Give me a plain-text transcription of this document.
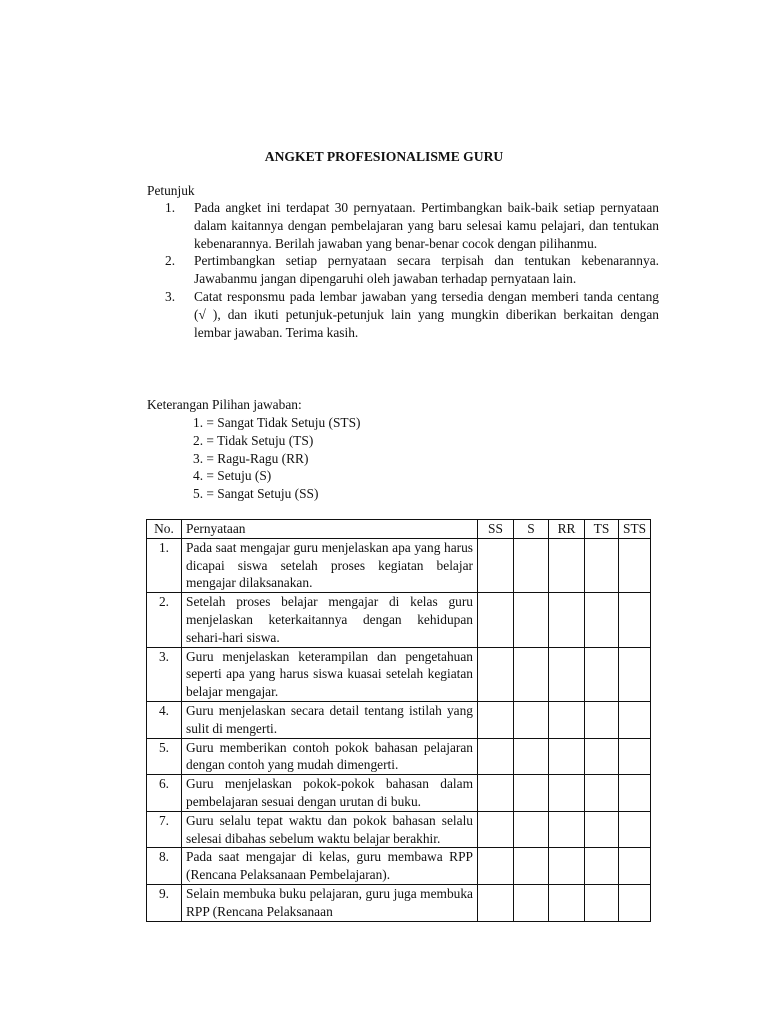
ANGKET PROFESIONALISME GURU
Petunjuk
1. Pada angket ini terdapat 30 pernyataan. Pertimbangkan baik-baik setiap pernyataan dalam kaitannya dengan pembelajaran yang baru selesai kamu pelajari, dan tentukan kebenarannya. Berilah jawaban yang benar-benar cocok dengan pilihanmu.
2. Pertimbangkan setiap pernyataan secara terpisah dan tentukan kebenarannya. Jawabanmu jangan dipengaruhi oleh jawaban terhadap pernyataan lain.
3. Catat responsmu pada lembar jawaban yang tersedia dengan memberi tanda centang (√ ), dan ikuti petunjuk-petunjuk lain yang mungkin diberikan berkaitan dengan lembar jawaban. Terima kasih.
Keterangan Pilihan jawaban:
1. = Sangat Tidak Setuju (STS)
2. = Tidak Setuju (TS)
3. = Ragu-Ragu (RR)
4. = Setuju (S)
5. = Sangat Setuju (SS)
No.	Pernyataan	SS	S	RR	TS	STS
1.	Pada saat mengajar guru menjelaskan apa yang harus dicapai siswa setelah proses kegiatan belajar mengajar dilaksanakan.					
2.	Setelah proses belajar mengajar di kelas guru menjelaskan keterkaitannya dengan kehidupan sehari-hari siswa.					
3.	Guru menjelaskan keterampilan dan pengetahuan seperti apa yang harus siswa kuasai setelah kegiatan belajar mengajar.					
4.	Guru menjelaskan secara detail tentang istilah yang sulit di mengerti.					
5.	Guru memberikan contoh pokok bahasan pelajaran dengan contoh yang mudah dimengerti.					
6.	Guru menjelaskan pokok-pokok bahasan dalam pembelajaran sesuai dengan urutan di buku.					
7.	Guru selalu tepat waktu dan pokok bahasan selalu selesai dibahas sebelum waktu belajar berakhir.					
8.	Pada saat mengajar di kelas, guru membawa RPP (Rencana Pelaksanaan Pembelajaran).					
9.	Selain membuka buku pelajaran, guru juga membuka RPP (Rencana Pelaksanaan					
